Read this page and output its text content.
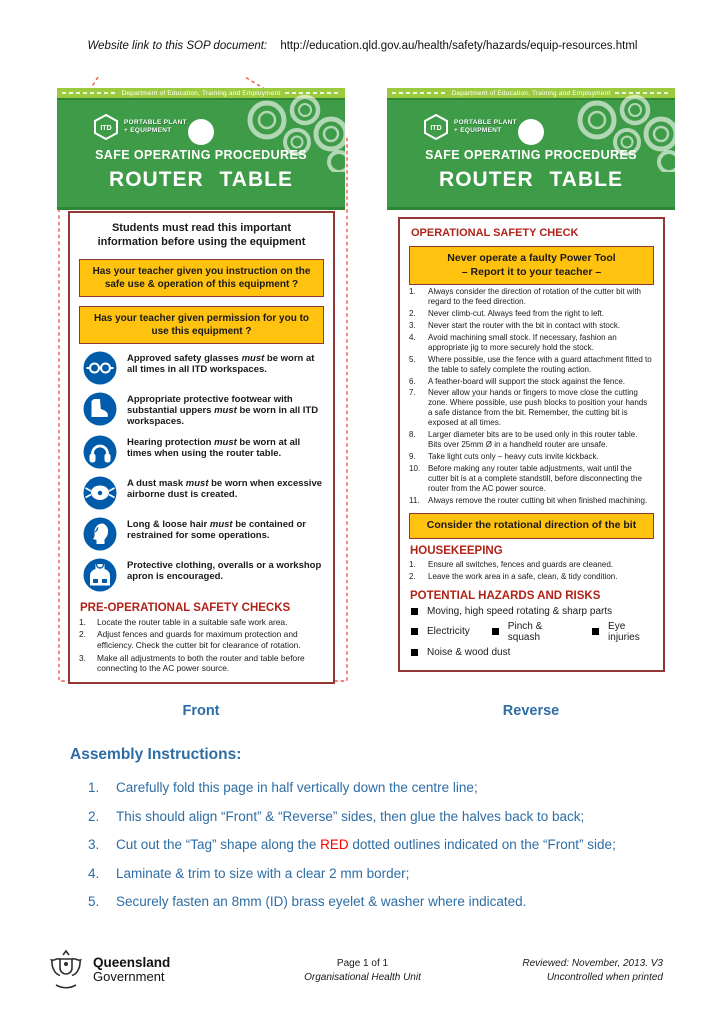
Website link to this SOP document: http://education.qld.gov.au/health/safety/hazards/equip-resources.html
Department of Education, Training and Employment
ITD
PORTABLE PLANT
+ EQUIPMENT
SAFE OPERATING PROCEDURES
ROUTER TABLE
Department of Education, Training and Employment
ITD
PORTABLE PLANT
+ EQUIPMENT
SAFE OPERATING PROCEDURES
ROUTER TABLE
Students must read this important information before using the equipment
Has your teacher given you instruction on the safe use & operation of this equipment ?
Has your teacher given permission for you to use this equipment ?
Approved safety glasses must be worn at all times in all ITD workspaces.
Appropriate protective footwear with substantial uppers must be worn in all ITD workspaces.
Hearing protection must be worn at all times when using the router table.
A dust mask must be worn when excessive airborne dust is created.
Long & loose hair must be contained or restrained for some operations.
Protective clothing, overalls or a workshop apron is encouraged.
PRE-OPERATIONAL SAFETY CHECKS
1.	Locate the router table in a suitable safe work area.
2.	Adjust fences and guards for maximum protection and efficiency. Check the cutter bit for clearance of rotation.
3.	Make all adjustments to both the router and table before connecting to the AC power source.
OPERATIONAL SAFETY CHECK
Never operate a faulty Power Tool
– Report it to your teacher –
1.	Always consider the direction of rotation of the cutter bit with regard to the feed direction.
2.	Never climb-cut. Always feed from the right to left.
3.	Never start the router with the bit in contact with stock.
4.	Avoid machining small stock. If necessary, fashion an appropriate jig to more securely hold the stock.
5.	Where possible, use the fence with a guard attachment fitted to the table to safely complete the routing action.
6.	A feather-board will support the stock against the fence.
7.	Never allow your hands or fingers to move close the cutting zone. Where possible, use push blocks to position your hands a safe distance from the bit. Remember, the cutting bit is exposed at all times.
8.	Larger diameter bits are to be used only in this router table. Bits over 25mm Ø in a handheld router are unsafe.
9.	Take light cuts only – heavy cuts invite kickback.
10. Before making any router table adjustments, wait until the cutter bit is at a complete standstill, before disconnecting the router from the AC power source.
11.	Always remove the router cutting bit when finished machining.
Consider the rotational direction of the bit
HOUSEKEEPING
1.	Ensure all switches, fences and guards are cleaned.
2.	Leave the work area in a safe, clean, & tidy condition.
POTENTIAL HAZARDS AND RISKS
Moving, high speed rotating & sharp parts
Electricity	Pinch & squash
Eye injuries
Noise & wood dust
Front	Reverse
Assembly Instructions:
1.	Carefully fold this page in half vertically down the centre line;
2.	This should align “Front” & “Reverse” sides, then glue the halves back to back;
3.	Cut out the “Tag” shape along the RED dotted outlines indicated on the “Front” side;
4.	Laminate & trim to size with a clear 2 mm border;
5.	Securely fasten an 8mm (ID) brass eyelet & washer where indicated.
Queensland
Government
Page 1 of 1
Organisational Health Unit
Reviewed: November, 2013. V3
Uncontrolled when printed
